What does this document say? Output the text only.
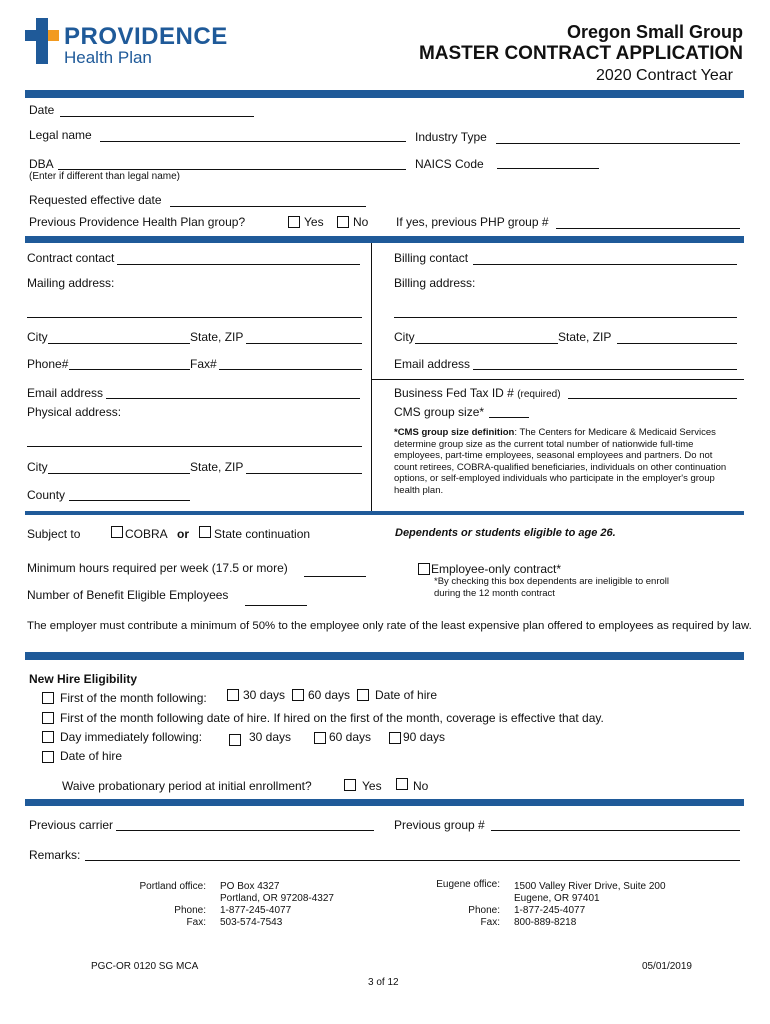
PROVIDENCE
Health Plan
Oregon Small Group
MASTER CONTRACT APPLICATION
2020 Contract Year
Date
Legal name	Industry Type
DBA	NAICS Code
(Enter if different than legal name)
Requested effective date
Previous Providence Health Plan group?	Yes No If yes, previous PHP group #
Contract contact	Billing contact
Mailing address:	Billing address:
City	State, ZIP	City	State, ZIP
Phone#	Fax#	Email address
Email address	Business Fed Tax ID # (required)
Physical address:	CMS group size*
*CMS group size definition: The Centers for Medicare & Medicaid Services determine group size as the current total number of nationwide full-time employees, part-time employees, seasonal employees and partners. Do not count retirees, COBRA-qualified beneficiaries, individuals on other continuation options, or self-employed individuals who participate in the employer's group health plan.
City	State, ZIP
County
Subject to	COBRA or State continuation	Dependents or students eligible to age 26.
Minimum hours required per week (17.5 or more)	Employee-only contract*
*By checking this box dependents are ineligible to enroll
during the 12 month contract
Number of Benefit Eligible Employees
The employer must contribute a minimum of 50% to the employee only rate of the least expensive plan offered to employees as required by law.
New Hire Eligibility
First of the month following:	30 days 60 days Date of hire
First of the month following date of hire. If hired on the first of the month, coverage is effective that day.
Day immediately following:	30 days	60 days	90 days
Date of hire
Waive probationary period at initial enrollment?	Yes	No
Previous carrier	Previous group #
Remarks:
Portland office: PO Box 4327
Portland, OR 97208-4327
Phone: 1-877-245-4077
Fax: 503-574-7543
Eugene office: 1500 Valley River Drive, Suite 200
Eugene, OR 97401
Phone: 1-877-245-4077
Fax: 800-889-8218
PGC-OR 0120 SG MCA	05/01/2019
3 of 12
